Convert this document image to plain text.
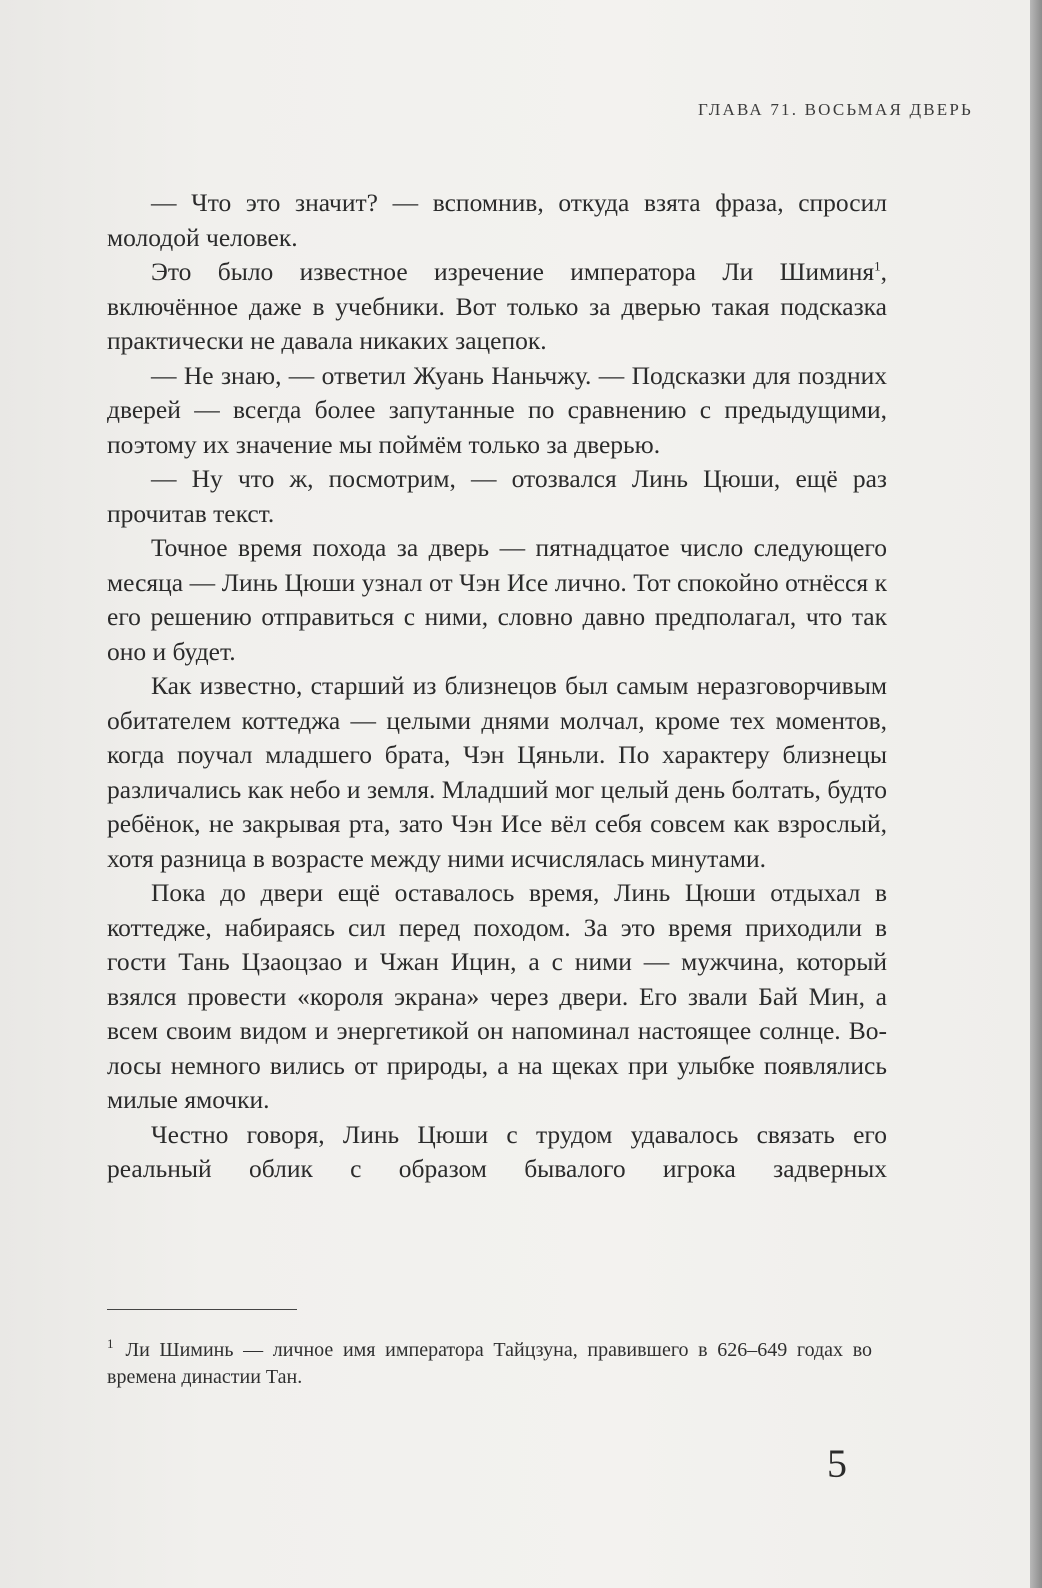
ГЛАВА 71. ВОСЬМАЯ ДВЕРЬ

— Что это значит? — вспомнив, откуда взята фраза, спросил молодой человек.

Это было известное изречение императора Ли Шиминя$^1$, включённое даже в учебники. Вот только за дверью такая подсказка практически не давала никаких зацепок.

— Не знаю, — ответил Жуань Наньчжу. — Подсказки для поздних дверей — всегда более запутанные по сравнению с предыдущими, поэтому их значение мы поймём только за дверью.

— Ну что ж, посмотрим, — отозвался Линь Цюши, ещё раз прочитав текст.

Точное время похода за дверь — пятнадцатое число следующего месяца — Линь Цюши узнал от Чэн Исе лично. Тот спокойно отнёсся к его решению отправиться с ними, словно давно предполагал, что так оно и будет.

Как известно, старший из близнецов был самым неразговорчивым обитателем коттеджа — целыми днями молчал, кроме тех моментов, когда поучал младшего брата, Чэн Цяньли. По характеру близнецы различались как небо и земля. Младший мог целый день болтать, будто ребёнок, не закрывая рта, зато Чэн Исе вёл себя совсем как взрослый, хотя разница в возрасте между ними исчислялась минутами.

Пока до двери ещё оставалось время, Линь Цюши отдыхал в коттедже, набираясь сил перед походом. За это время приходили в гости Тань Цзаоцзао и Чжан Ицин, а с ними — мужчина, который взялся провести «короля экрана» через двери. Его звали Бай Мин, а всем своим видом и энергетикой он напоминал настоящее солнце. Волосы немного вились от природы, а на щеках при улыбке появлялись милые ямочки.

Честно говоря, Линь Цюши с трудом удавалось связать его реальный облик с образом бывалого игрока задверных

$^1$ Ли Шиминь — личное имя императора Тайцзуна, правившего в 626–649 годах во времена династии Тан.
5
